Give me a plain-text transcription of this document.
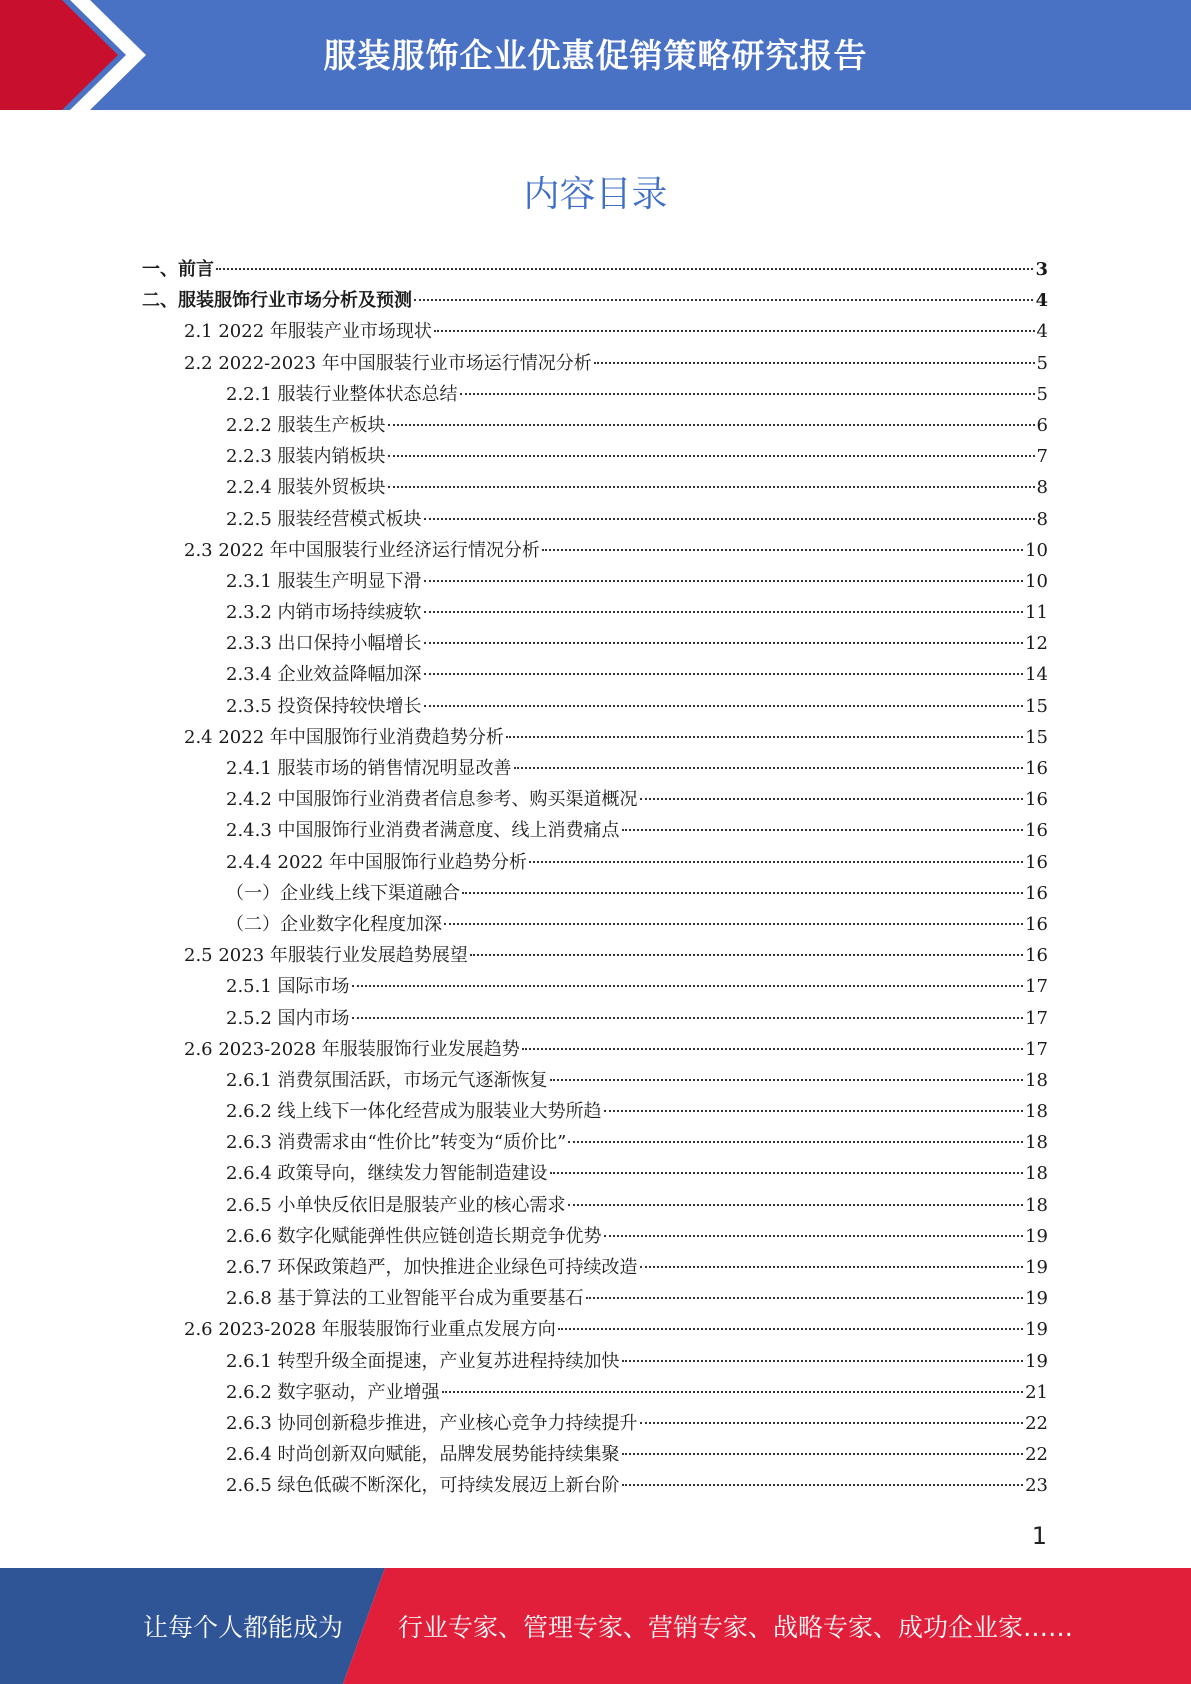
服装服饰企业优惠促销策略研究报告
内容目录
一、前言	3
二、服装服饰行业市场分析及预测	4
2.1 2022 年服装产业市场现状	4
2.2 2022-2023 年中国服装行业市场运行情况分析	5
2.2.1 服装行业整体状态总结	5
2.2.2 服装生产板块	6
2.2.3 服装内销板块	7
2.2.4 服装外贸板块	8
2.2.5 服装经营模式板块	8
2.3 2022 年中国服装行业经济运行情况分析	10
2.3.1 服装生产明显下滑	10
2.3.2 内销市场持续疲软	11
2.3.3 出口保持小幅增长	12
2.3.4 企业效益降幅加深	14
2.3.5 投资保持较快增长	15
2.4 2022 年中国服饰行业消费趋势分析	15
2.4.1 服装市场的销售情况明显改善	16
2.4.2 中国服饰行业消费者信息参考、购买渠道概况	16
2.4.3 中国服饰行业消费者满意度、线上消费痛点	16
2.4.4 2022 年中国服饰行业趋势分析	16
（一）企业线上线下渠道融合	16
（二）企业数字化程度加深	16
2.5 2023 年服装行业发展趋势展望	16
2.5.1 国际市场	17
2.5.2 国内市场	17
2.6 2023-2028 年服装服饰行业发展趋势	17
2.6.1 消费氛围活跃，市场元气逐渐恢复	18
2.6.2 线上线下一体化经营成为服装业大势所趋	18
2.6.3 消费需求由“性价比”转变为“质价比”	18
2.6.4 政策导向，继续发力智能制造建设	18
2.6.5 小单快反依旧是服装产业的核心需求	18
2.6.6 数字化赋能弹性供应链创造长期竞争优势	19
2.6.7 环保政策趋严，加快推进企业绿色可持续改造	19
2.6.8 基于算法的工业智能平台成为重要基石	19
2.6 2023-2028 年服装服饰行业重点发展方向	19
2.6.1 转型升级全面提速，产业复苏进程持续加快	19
2.6.2 数字驱动，产业增强	21
2.6.3 协同创新稳步推进，产业核心竞争力持续提升	22
2.6.4 时尚创新双向赋能，品牌发展势能持续集聚	22
2.6.5 绿色低碳不断深化，可持续发展迈上新台阶	23
1
让每个人都能成为 行业专家、管理专家、营销专家、战略专家、成功企业家……
